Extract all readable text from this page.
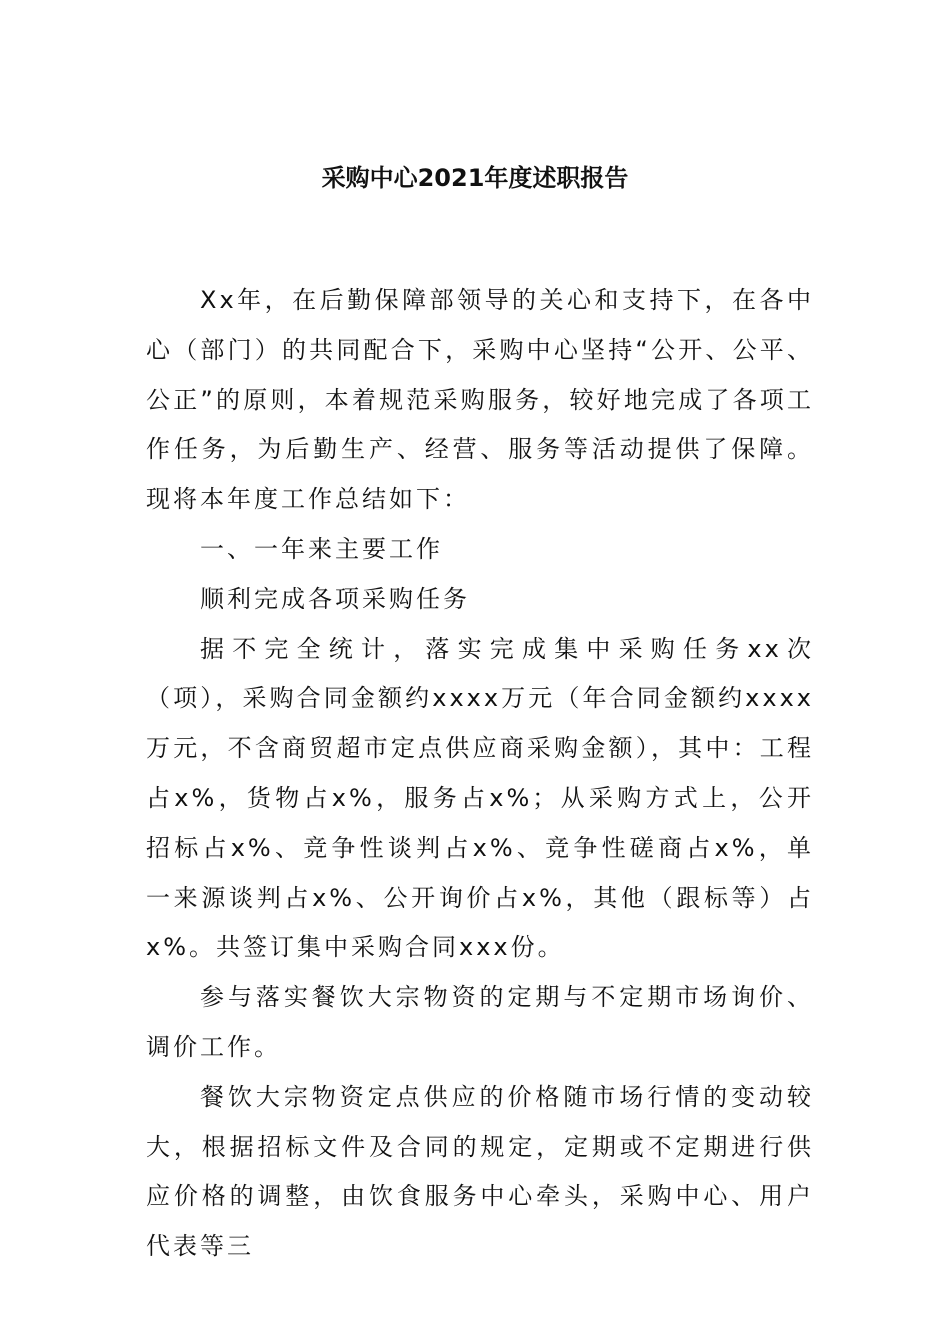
采购中心2021年度述职报告

Xx年，在后勤保障部领导的关心和支持下，在各中心（部门）的共同配合下，采购中心坚持“公开、公平、公正”的原则，本着规范采购服务，较好地完成了各项工作任务，为后勤生产、经营、服务等活动提供了保障。现将本年度工作总结如下：

一、一年来主要工作

顺利完成各项采购任务

据不完全统计，落实完成集中采购任务xx次（项），采购合同金额约xxxx万元（年合同金额约xxxx万元，不含商贸超市定点供应商采购金额），其中：工程占x%，货物占x%，服务占x%；从采购方式上，公开招标占x%、竞争性谈判占x%、竞争性磋商占x%，单一来源谈判占x%、公开询价占x%，其他（跟标等）占x%。共签订集中采购合同xxx份。

参与落实餐饮大宗物资的定期与不定期市场询价、调价工作。

餐饮大宗物资定点供应的价格随市场行情的变动较大，根据招标文件及合同的规定，定期或不定期进行供应价格的调整，由饮食服务中心牵头，采购中心、用户代表等三
